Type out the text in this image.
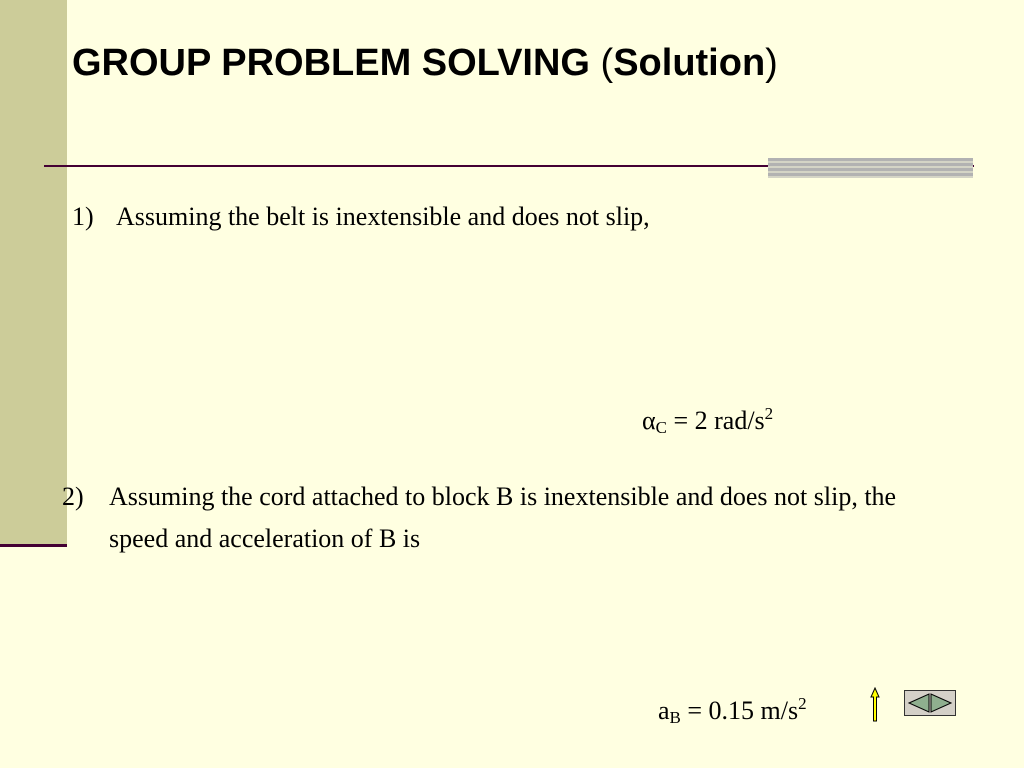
GROUP PROBLEM SOLVING (Solution)
1) Assuming the belt is inextensible and does not slip,
$\alpha_C = 2$ rad/$s^2$
2) Assuming the cord attached to block B is inextensible and does not slip, the speed and acceleration of B is
$a_B = 0.15$ $m/s^2$
